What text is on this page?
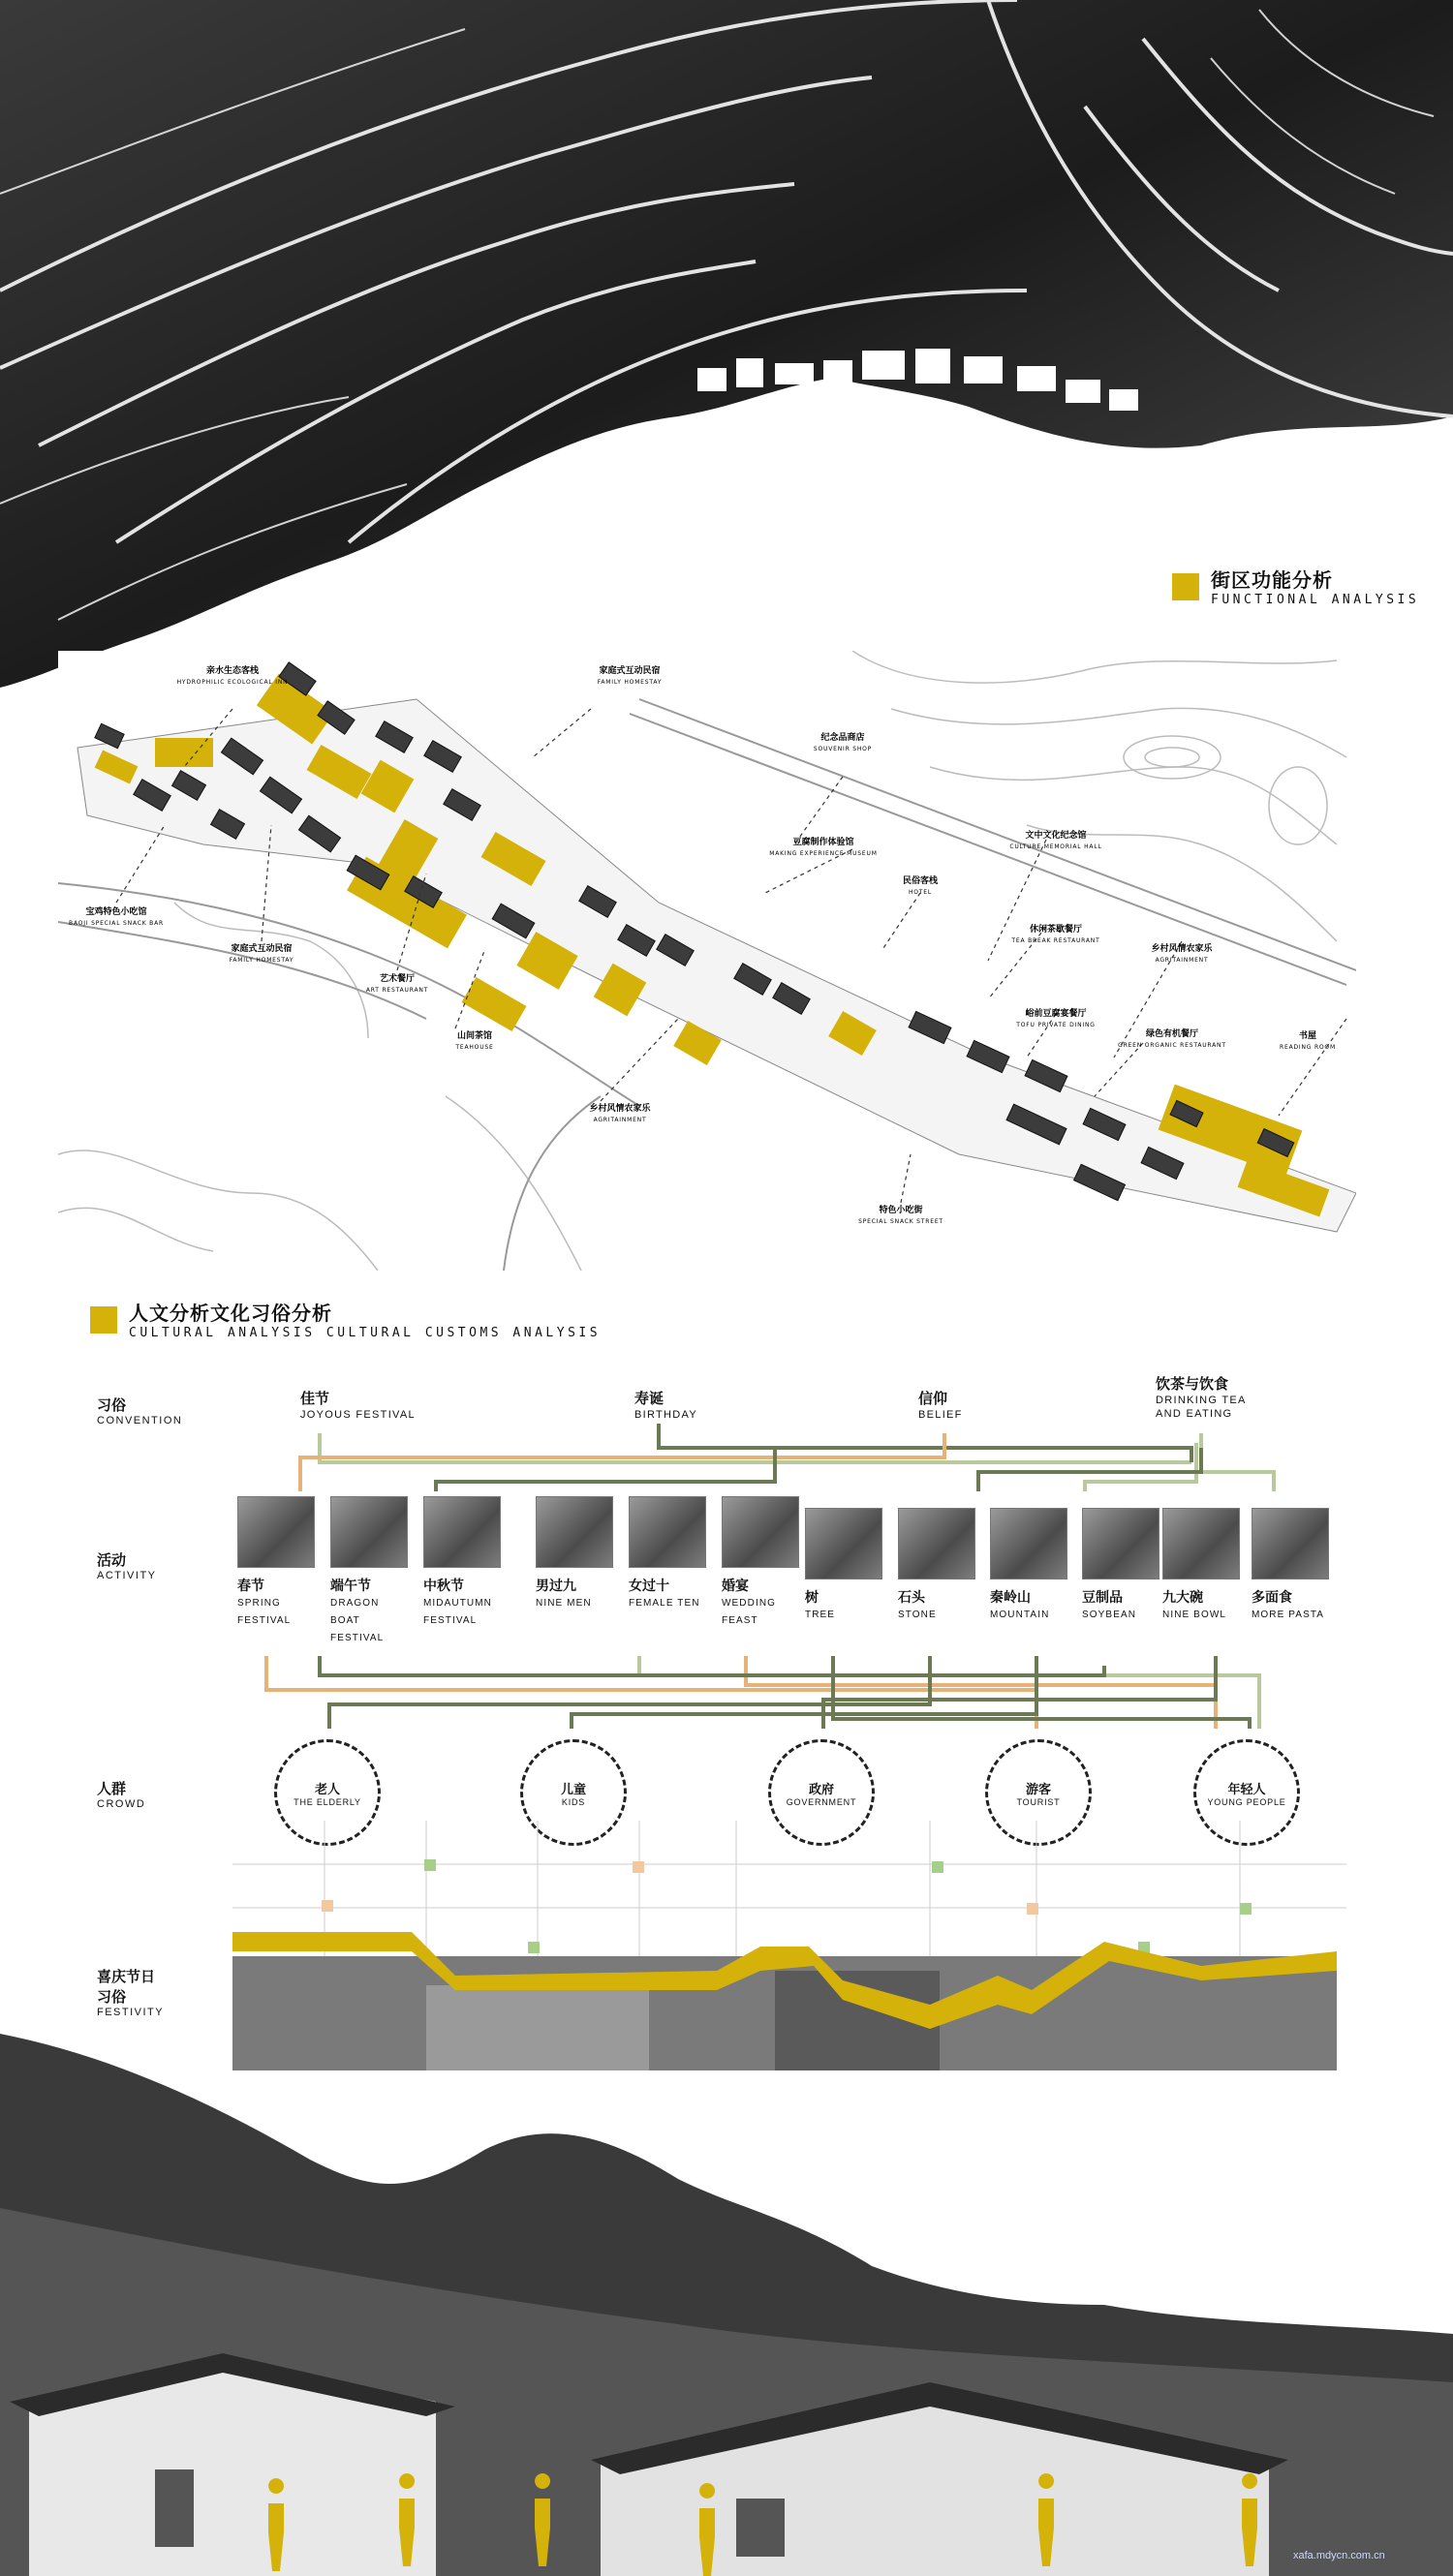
街区功能分析
FUNCTIONAL ANALYSIS
亲水生态客栈
HYDROPHILIC ECOLOGICAL INN
家庭式互动民宿
FAMILY HOMESTAY
纪念品商店
SOUVENIR SHOP
豆腐制作体验馆
MAKING EXPERIENCE MUSEUM
民俗客栈
HOTEL
文中文化纪念馆
CULTURE MEMORIAL HALL
宝鸡特色小吃馆
BAOJI SPECIAL SNACK BAR
家庭式互动民宿
FAMILY HOMESTAY
艺术餐厅
ART RESTAURANT
山间茶馆
TEAHOUSE
休闲茶歇餐厅
TEA BREAK RESTAURANT
乡村风情农家乐
AGRITAINMENT
峪前豆腐宴餐厅
TOFU PRIVATE DINING
绿色有机餐厅
GREEN ORGANIC RESTAURANT
书屋
READING ROOM
乡村风情农家乐
AGRITAINMENT
特色小吃街
SPECIAL SNACK STREET
人文分析文化习俗分析
CULTURAL ANALYSIS CULTURAL CUSTOMS ANALYSIS
习俗
CONVENTION
活动
ACTIVITY
人群
CROWD
喜庆节日
习俗
FESTIVITY
佳节
JOYOUS FESTIVAL
寿诞
BIRTHDAY
信仰
BELIEF
饮茶与饮食
DRINKING TEA
AND EATING
春节
SPRING
FESTIVAL
端午节
DRAGON
BOAT
FESTIVAL
中秋节
MIDAUTUMN
FESTIVAL
男过九
NINE MEN
女过十
FEMALE TEN
婚宴
WEDDING
FEAST
树
TREE
石头
STONE
秦岭山
MOUNTAIN
豆制品
SOYBEAN
九大碗
NINE BOWL
多面食
MORE PASTA
老人
THE ELDERLY
儿童
KIDS
政府
GOVERNMENT
游客
TOURIST
年轻人
YOUNG PEOPLE
xafa.mdycn.com.cn
